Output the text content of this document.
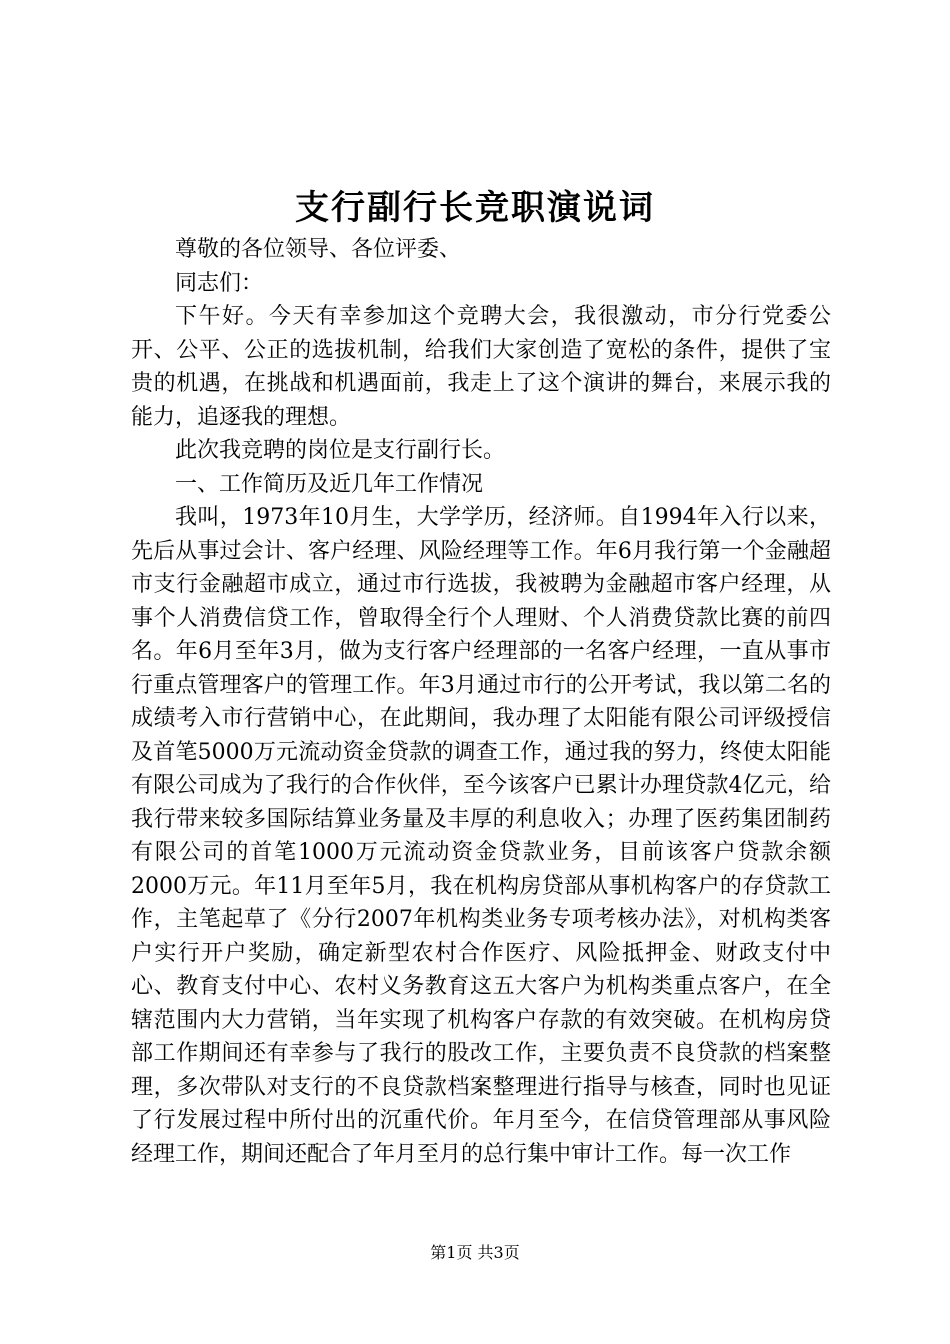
支行副行长竞职演说词

尊敬的各位领导、各位评委、

同志们：

下午好。今天有幸参加这个竞聘大会，我很激动，市分行党委公开、公平、公正的选拔机制，给我们大家创造了宽松的条件，提供了宝贵的机遇，在挑战和机遇面前，我走上了这个演讲的舞台，来展示我的能力，追逐我的理想。

此次我竞聘的岗位是支行副行长。

一、工作简历及近几年工作情况

我叫，1973年10月生，大学学历，经济师。自1994年入行以来，先后从事过会计、客户经理、风险经理等工作。年6月我行第一个金融超市支行金融超市成立，通过市行选拔，我被聘为金融超市客户经理，从事个人消费信贷工作，曾取得全行个人理财、个人消费贷款比赛的前四名。年6月至年3月，做为支行客户经理部的一名客户经理，一直从事市行重点管理客户的管理工作。年3月通过市行的公开考试，我以第二名的成绩考入市行营销中心，在此期间，我办理了太阳能有限公司评级授信及首笔5000万元流动资金贷款的调查工作，通过我的努力，终使太阳能有限公司成为了我行的合作伙伴，至今该客户已累计办理贷款4亿元，给我行带来较多国际结算业务量及丰厚的利息收入；办理了医药集团制药有限公司的首笔1000万元流动资金贷款业务，目前该客户贷款余额2000万元。年11月至年5月，我在机构房贷部从事机构客户的存贷款工作，主笔起草了《分行2007年机构类业务专项考核办法》，对机构类客户实行开户奖励，确定新型农村合作医疗、风险抵押金、财政支付中心、教育支付中心、农村义务教育这五大客户为机构类重点客户，在全辖范围内大力营销，当年实现了机构客户存款的有效突破。在机构房贷部工作期间还有幸参与了我行的股改工作，主要负责不良贷款的档案整理，多次带队对支行的不良贷款档案整理进行指导与核查，同时也见证了行发展过程中所付出的沉重代价。年月至今，在信贷管理部从事风险经理工作，期间还配合了年月至月的总行集中审计工作。每一次工作

第1页 共3页
